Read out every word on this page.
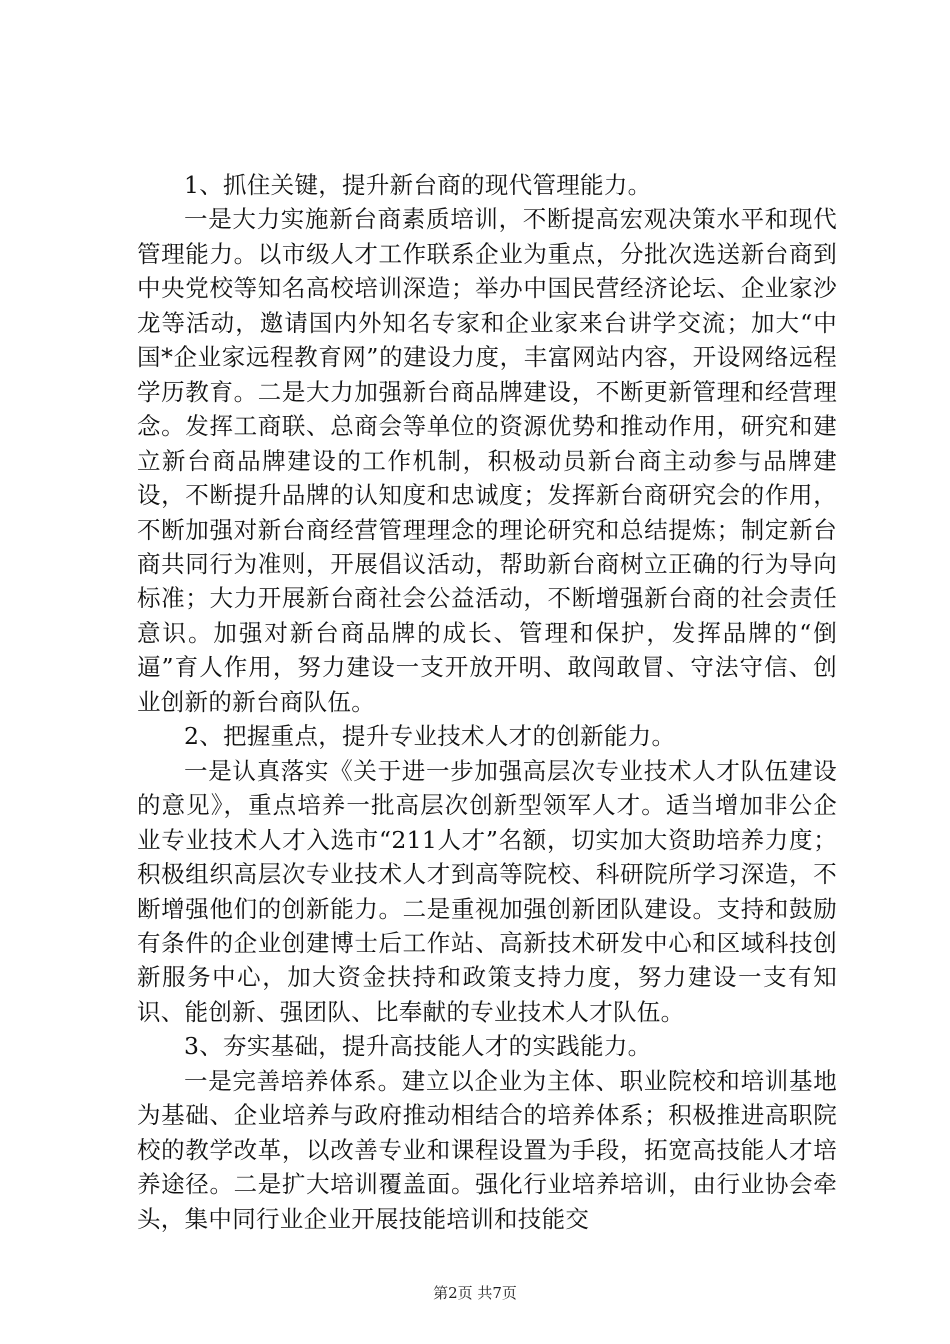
1、抓住关键，提升新台商的现代管理能力。

一是大力实施新台商素质培训，不断提高宏观决策水平和现代管理能力。以市级人才工作联系企业为重点，分批次选送新台商到中央党校等知名高校培训深造；举办中国民营经济论坛、企业家沙龙等活动，邀请国内外知名专家和企业家来台讲学交流；加大“中国*企业家远程教育网”的建设力度，丰富网站内容，开设网络远程学历教育。二是大力加强新台商品牌建设，不断更新管理和经营理念。发挥工商联、总商会等单位的资源优势和推动作用，研究和建立新台商品牌建设的工作机制，积极动员新台商主动参与品牌建设，不断提升品牌的认知度和忠诚度；发挥新台商研究会的作用，不断加强对新台商经营管理理念的理论研究和总结提炼；制定新台商共同行为准则，开展倡议活动，帮助新台商树立正确的行为导向标准；大力开展新台商社会公益活动，不断增强新台商的社会责任意识。加强对新台商品牌的成长、管理和保护，发挥品牌的“倒逼”育人作用，努力建设一支开放开明、敢闯敢冒、守法守信、创业创新的新台商队伍。

2、把握重点，提升专业技术人才的创新能力。

一是认真落实《关于进一步加强高层次专业技术人才队伍建设的意见》，重点培养一批高层次创新型领军人才。适当增加非公企业专业技术人才入选市“211人才”名额，切实加大资助培养力度；积极组织高层次专业技术人才到高等院校、科研院所学习深造，不断增强他们的创新能力。二是重视加强创新团队建设。支持和鼓励有条件的企业创建博士后工作站、高新技术研发中心和区域科技创新服务中心，加大资金扶持和政策支持力度，努力建设一支有知识、能创新、强团队、比奉献的专业技术人才队伍。

3、夯实基础，提升高技能人才的实践能力。

一是完善培养体系。建立以企业为主体、职业院校和培训基地为基础、企业培养与政府推动相结合的培养体系；积极推进高职院校的教学改革，以改善专业和课程设置为手段，拓宽高技能人才培养途径。二是扩大培训覆盖面。强化行业培养培训，由行业协会牵头，集中同行业企业开展技能培训和技能交

第2页 共7页
